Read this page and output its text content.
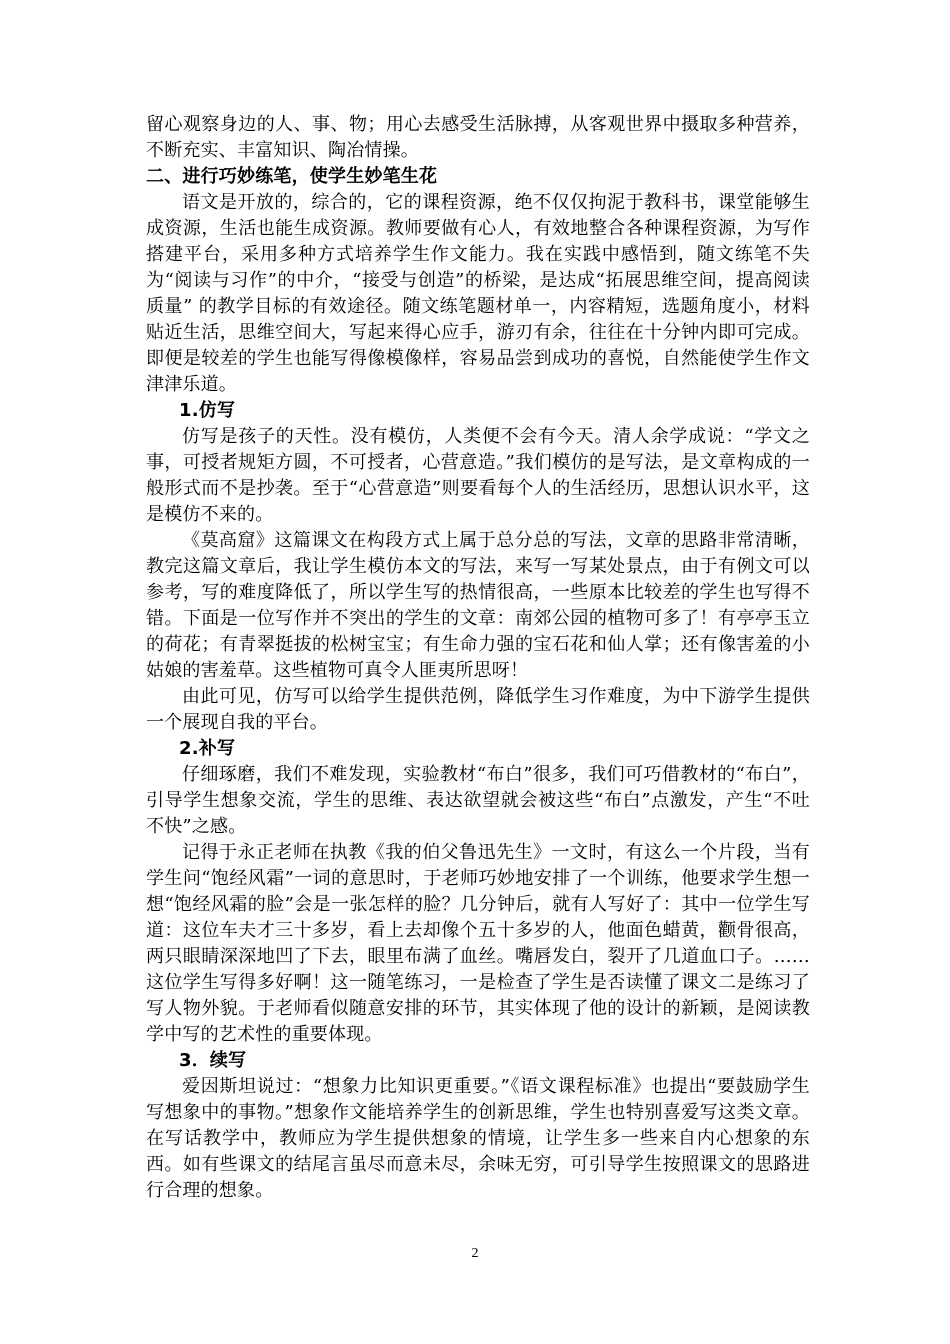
留心观察身边的人、事、物；用心去感受生活脉搏，从客观世界中摄取多种营养，不断充实、丰富知识、陶冶情操。

二、进行巧妙练笔，使学生妙笔生花

语文是开放的，综合的，它的课程资源，绝不仅仅拘泥于教科书，课堂能够生成资源，生活也能生成资源。教师要做有心人，有效地整合各种课程资源，为写作搭建平台，采用多种方式培养学生作文能力。我在实践中感悟到，随文练笔不失为“阅读与习作”的中介，“接受与创造”的桥梁，是达成“拓展思维空间，提高阅读质量” 的教学目标的有效途径。随文练笔题材单一，内容精短，选题角度小，材料贴近生活，思维空间大，写起来得心应手，游刃有余，往往在十分钟内即可完成。即便是较差的学生也能写得像模像样，容易品尝到成功的喜悦，自然能使学生作文津津乐道。

1.仿写

仿写是孩子的天性。没有模仿，人类便不会有今天。清人余学成说：“学文之事，可授者规矩方圆，不可授者，心营意造。”我们模仿的是写法，是文章构成的一般形式而不是抄袭。至于“心营意造”则要看每个人的生活经历，思想认识水平，这是模仿不来的。

《莫高窟》这篇课文在构段方式上属于总分总的写法，文章的思路非常清晰，教完这篇文章后，我让学生模仿本文的写法，来写一写某处景点，由于有例文可以参考，写的难度降低了，所以学生写的热情很高，一些原本比较差的学生也写得不错。下面是一位写作并不突出的学生的文章：南郊公园的植物可多了！有亭亭玉立的荷花；有青翠挺拔的松树宝宝；有生命力强的宝石花和仙人掌；还有像害羞的小姑娘的害羞草。这些植物可真令人匪夷所思呀！

由此可见，仿写可以给学生提供范例，降低学生习作难度，为中下游学生提供一个展现自我的平台。

2.补写

仔细琢磨，我们不难发现，实验教材“布白”很多，我们可巧借教材的“布白”，引导学生想象交流，学生的思维、表达欲望就会被这些“布白”点激发，产生“不吐不快”之感。

记得于永正老师在执教《我的伯父鲁迅先生》一文时，有这么一个片段，当有学生问“饱经风霜”一词的意思时，于老师巧妙地安排了一个训练，他要求学生想一想“饱经风霜的脸”会是一张怎样的脸？几分钟后，就有人写好了：其中一位学生写道：这位车夫才三十多岁，看上去却像个五十多岁的人，他面色蜡黄，颧骨很高，两只眼睛深深地凹了下去，眼里布满了血丝。嘴唇发白，裂开了几道血口子。……这位学生写得多好啊！这一随笔练习，一是检查了学生是否读懂了课文二是练习了写人物外貌。于老师看似随意安排的环节，其实体现了他的设计的新颖，是阅读教学中写的艺术性的重要体现。

3．续写

爱因斯坦说过：“想象力比知识更重要。”《语文课程标准》也提出“要鼓励学生写想象中的事物。”想象作文能培养学生的创新思维，学生也特别喜爱写这类文章。在写话教学中，教师应为学生提供想象的情境，让学生多一些来自内心想象的东西。如有些课文的结尾言虽尽而意未尽，余味无穷，可引导学生按照课文的思路进行合理的想象。

2
